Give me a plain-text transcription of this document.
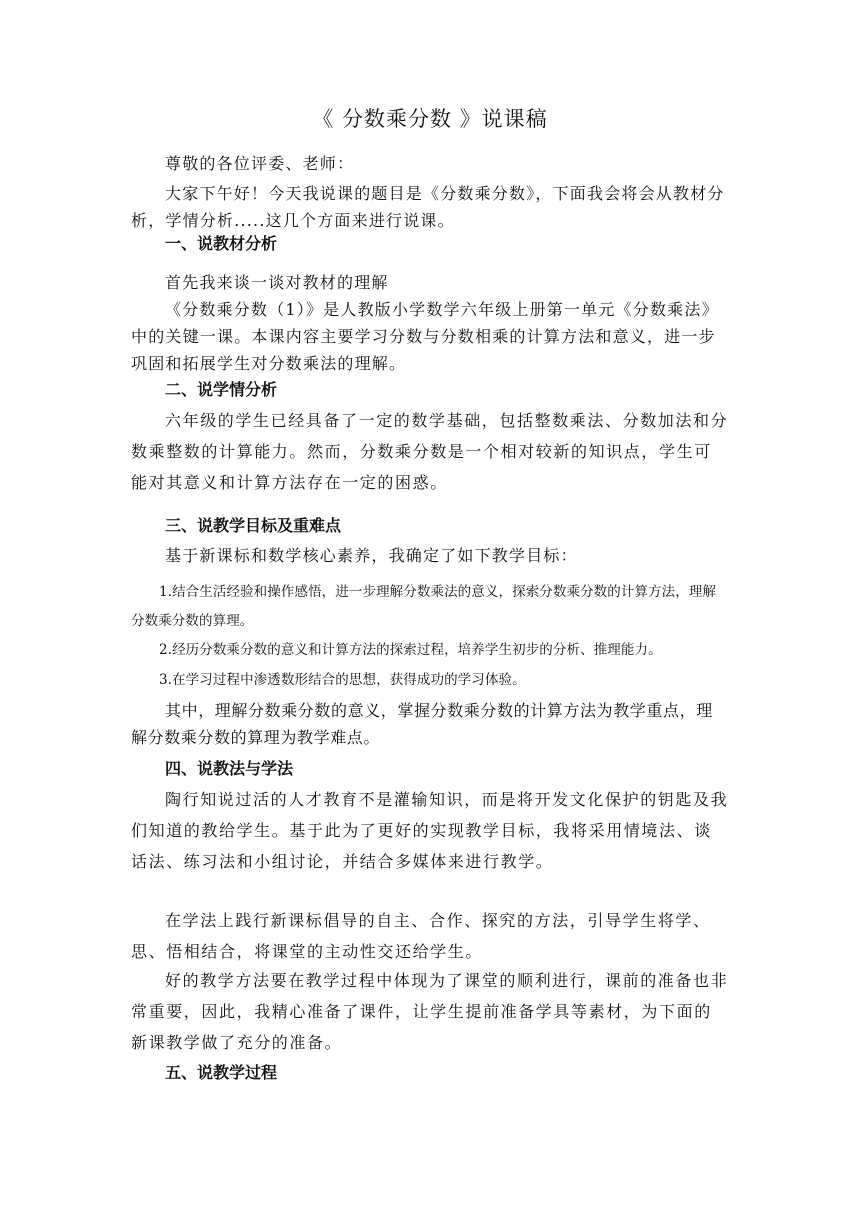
《 分数乘分数 》说课稿

尊敬的各位评委、老师：

大家下午好！今天我说课的题目是《分数乘分数》，下面我会将会从教材分析，学情分析.....这几个方面来进行说课。

一、说教材分析

首先我来谈一谈对教材的理解

《分数乘分数（1）》是人教版小学数学六年级上册第一单元《分数乘法》中的关键一课。本课内容主要学习分数与分数相乘的计算方法和意义，进一步巩固和拓展学生对分数乘法的理解。

二、说学情分析

六年级的学生已经具备了一定的数学基础，包括整数乘法、分数加法和分数乘整数的计算能力。然而，分数乘分数是一个相对较新的知识点，学生可能对其意义和计算方法存在一定的困惑。

三、说教学目标及重难点

基于新课标和数学核心素养，我确定了如下教学目标：

1.结合生活经验和操作感悟，进一步理解分数乘法的意义，探索分数乘分数的计算方法，理解分数乘分数的算理。

2.经历分数乘分数的意义和计算方法的探索过程，培养学生初步的分析、推理能力。

3.在学习过程中渗透数形结合的思想，获得成功的学习体验。

其中，理解分数乘分数的意义，掌握分数乘分数的计算方法为教学重点，理解分数乘分数的算理为教学难点。

四、说教法与学法

陶行知说过活的人才教育不是灌输知识，而是将开发文化保护的钥匙及我们知道的教给学生。基于此为了更好的实现教学目标，我将采用情境法、谈话法、练习法和小组讨论，并结合多媒体来进行教学。

在学法上践行新课标倡导的自主、合作、探究的方法，引导学生将学、思、悟相结合，将课堂的主动性交还给学生。

好的教学方法要在教学过程中体现为了课堂的顺利进行，课前的准备也非常重要，因此，我精心准备了课件，让学生提前准备学具等素材，为下面的新课教学做了充分的准备。

五、说教学过程
